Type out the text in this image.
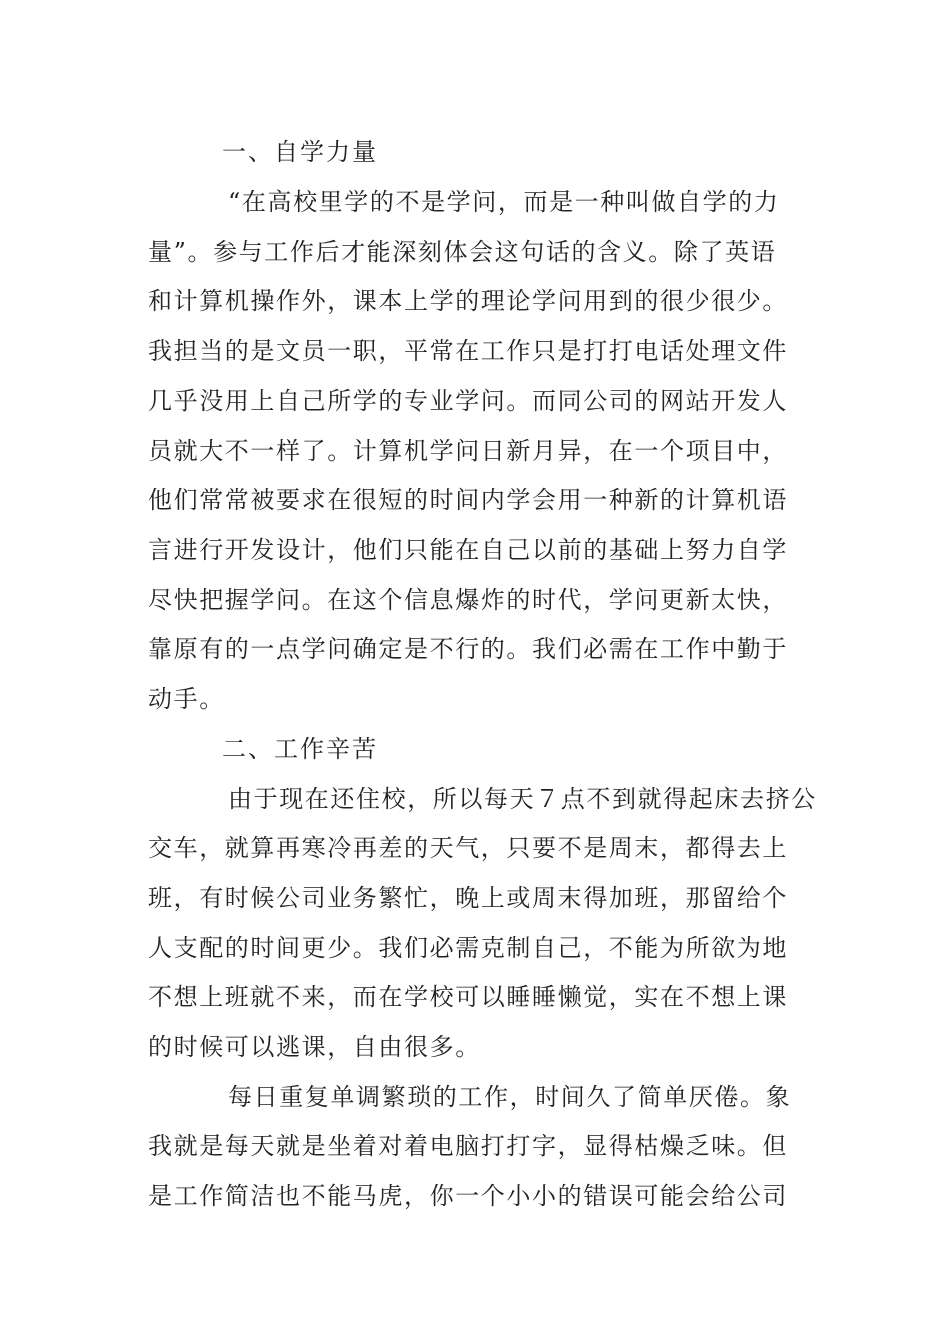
一、自学力量
“在高校里学的不是学问，而是一种叫做自学的力
量”。参与工作后才能深刻体会这句话的含义。除了英语
和计算机操作外，课本上学的理论学问用到的很少很少。
我担当的是文员一职，平常在工作只是打打电话处理文件
几乎没用上自己所学的专业学问。而同公司的网站开发人
员就大不一样了。计算机学问日新月异，在一个项目中，
他们常常被要求在很短的时间内学会用一种新的计算机语
言进行开发设计，他们只能在自己以前的基础上努力自学
尽快把握学问。在这个信息爆炸的时代，学问更新太快，
靠原有的一点学问确定是不行的。我们必需在工作中勤于
动手。
二、工作辛苦
由于现在还住校，所以每天７点不到就得起床去挤公
交车，就算再寒冷再差的天气，只要不是周末，都得去上
班，有时候公司业务繁忙，晚上或周末得加班，那留给个
人支配的时间更少。我们必需克制自己，不能为所欲为地
不想上班就不来，而在学校可以睡睡懒觉，实在不想上课
的时候可以逃课，自由很多。
每日重复单调繁琐的工作，时间久了简单厌倦。象
我就是每天就是坐着对着电脑打打字，显得枯燥乏味。但
是工作简洁也不能马虎，你一个小小的错误可能会给公司
